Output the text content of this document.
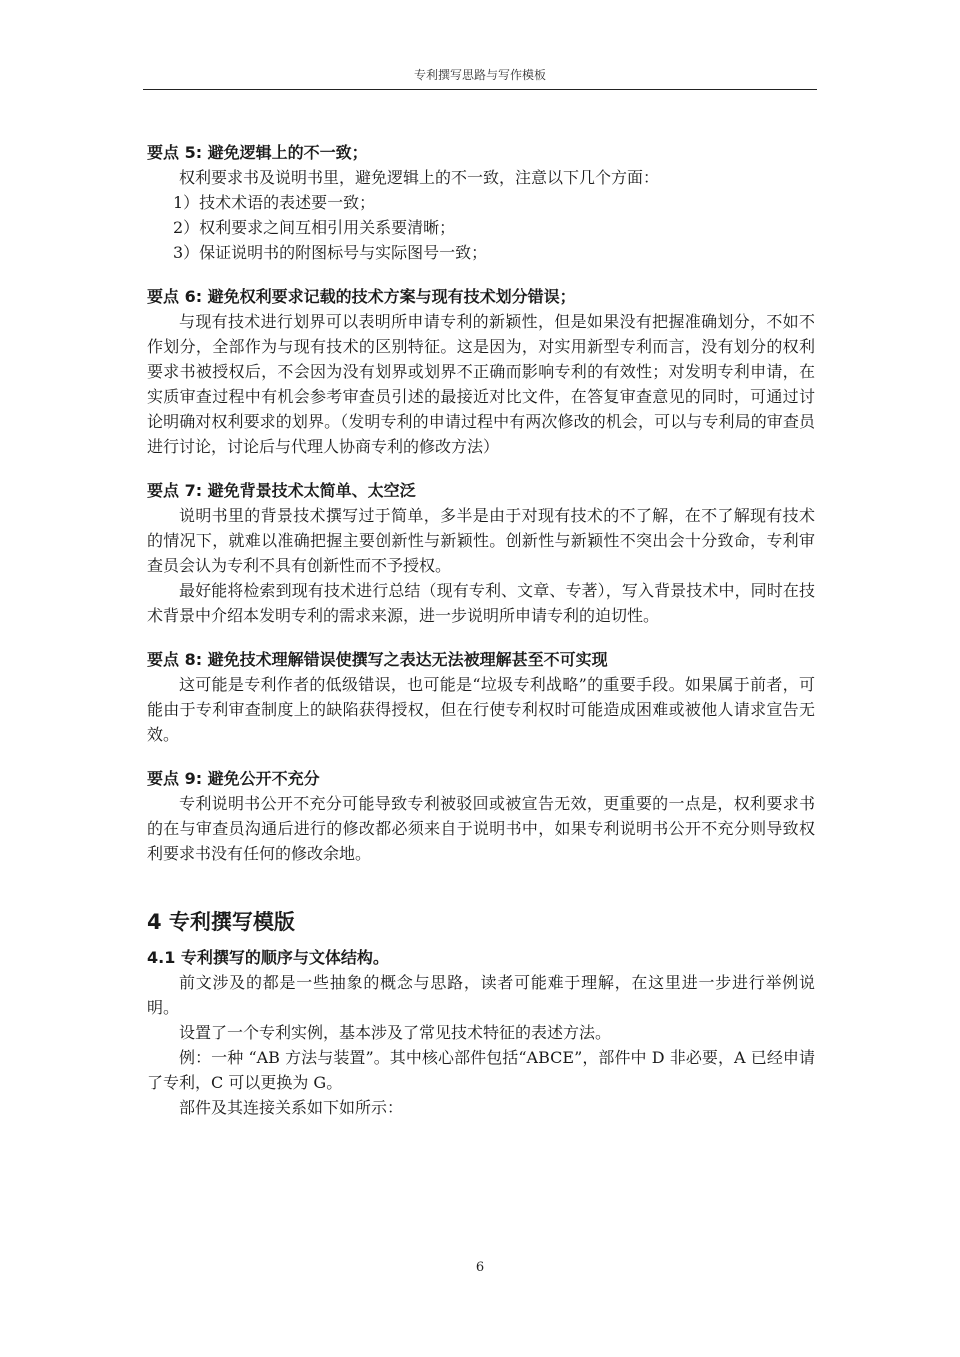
专利撰写思路与写作模板
要点 5: 避免逻辑上的不一致；

权利要求书及说明书里，避免逻辑上的不一致，注意以下几个方面：

1）技术术语的表述要一致；
2）权利要求之间互相引用关系要清晰；
3）保证说明书的附图标号与实际图号一致；
要点 6: 避免权利要求记载的技术方案与现有技术划分错误；

与现有技术进行划界可以表明所申请专利的新颖性，但是如果没有把握准确划分，不如不作划分，全部作为与现有技术的区别特征。这是因为，对实用新型专利而言，没有划分的权利要求书被授权后，不会因为没有划界或划界不正确而影响专利的有效性；对发明专利申请，在实质审查过程中有机会参考审查员引述的最接近对比文件，在答复审查意见的同时，可通过讨论明确对权利要求的划界。（发明专利的申请过程中有两次修改的机会，可以与专利局的审查员进行讨论，讨论后与代理人协商专利的修改方法）

要点 7: 避免背景技术太简单、太空泛

说明书里的背景技术撰写过于简单，多半是由于对现有技术的不了解，在不了解现有技术的情况下，就难以准确把握主要创新性与新颖性。创新性与新颖性不突出会十分致命，专利审查员会认为专利不具有创新性而不予授权。

最好能将检索到现有技术进行总结（现有专利、文章、专著），写入背景技术中，同时在技术背景中介绍本发明专利的需求来源，进一步说明所申请专利的迫切性。

要点 8: 避免技术理解错误使撰写之表达无法被理解甚至不可实现

这可能是专利作者的低级错误，也可能是“垃圾专利战略”的重要手段。如果属于前者，可能由于专利审查制度上的缺陷获得授权，但在行使专利权时可能造成困难或被他人请求宣告无效。

要点 9: 避免公开不充分

专利说明书公开不充分可能导致专利被驳回或被宣告无效，更重要的一点是，权利要求书的在与审查员沟通后进行的修改都必须来自于说明书中，如果专利说明书公开不充分则导致权利要求书没有任何的修改余地。

4 专利撰写模版
4.1 专利撰写的顺序与文体结构。

前文涉及的都是一些抽象的概念与思路，读者可能难于理解，在这里进一步进行举例说明。

设置了一个专利实例，基本涉及了常见技术特征的表述方法。

例：一种 “AB 方法与装置”。其中核心部件包括“ABCE”，部件中 D 非必要，A 已经申请了专利，C 可以更换为 G。

部件及其连接关系如下如所示：

6
